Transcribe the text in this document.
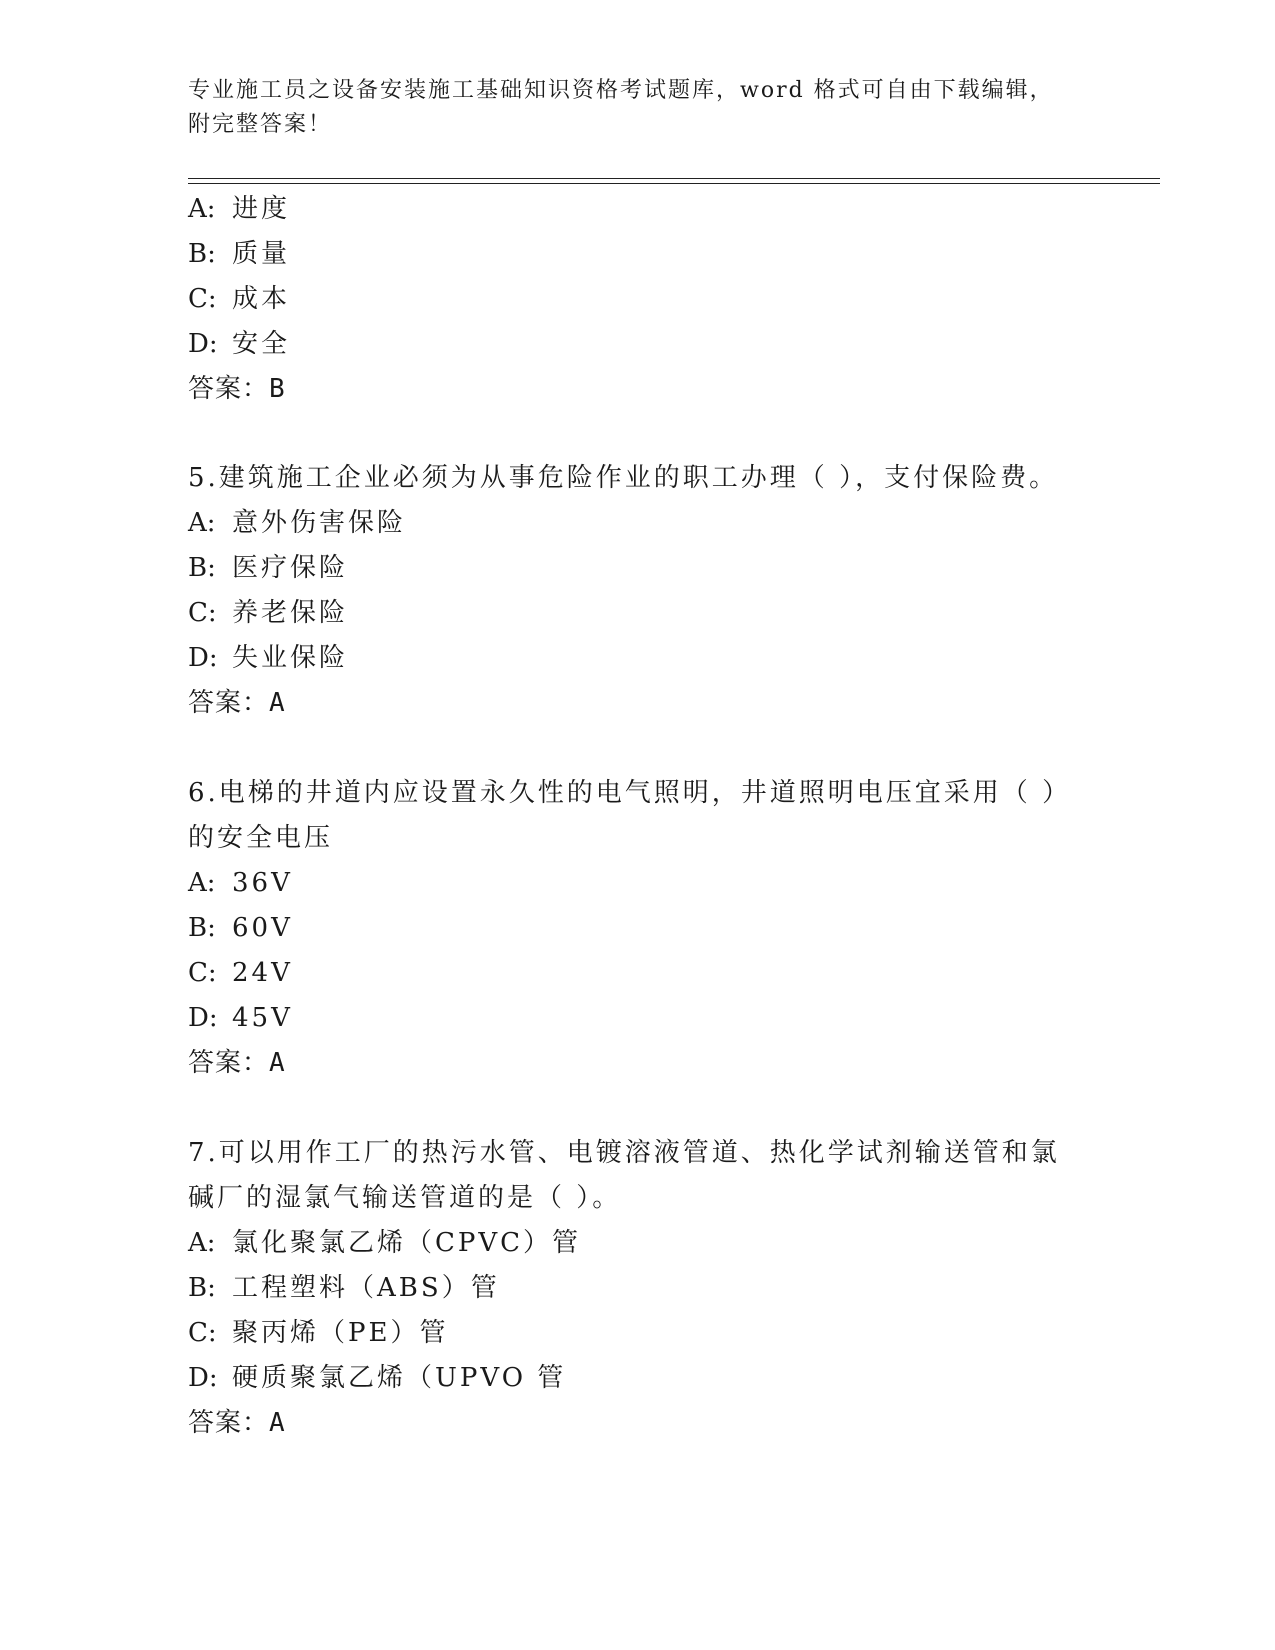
专业施工员之设备安装施工基础知识资格考试题库，word 格式可自由下载编辑，
附完整答案！
A: 进度
B: 质量
C: 成本
D: 安全
答案：B
5.建筑施工企业必须为从事危险作业的职工办理（ ），支付保险费。
A: 意外伤害保险
B: 医疗保险
C: 养老保险
D: 失业保险
答案：A
6.电梯的井道内应设置永久性的电气照明，井道照明电压宜采用（ ）
的安全电压
A: 36V
B: 60V
C: 24V
D: 45V
答案：A
7.可以用作工厂的热污水管、电镀溶液管道、热化学试剂输送管和氯
碱厂的湿氯气输送管道的是（ ）。
A: 氯化聚氯乙烯（CPVC）管
B: 工程塑料（ABS）管
C: 聚丙烯（PE）管
D: 硬质聚氯乙烯（UPVO 管
答案：A
